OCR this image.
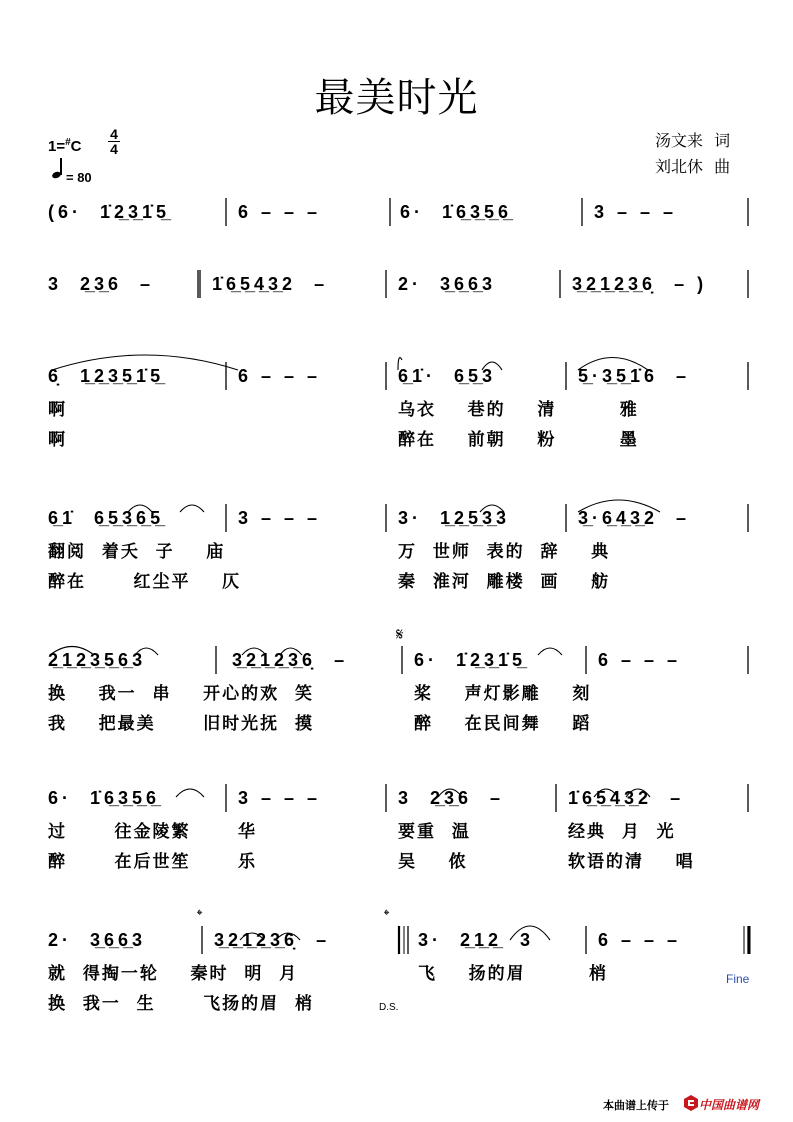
最美时光
1=#C
4
4
= 80
汤文来 词
刘北休 曲
(6·  1̇2̲3̲1̇5̲	6 – – –	6·  1̇6̲3̲5̲6̲	3 – – –
3  2̲3̲6  –	1̇6̲5̲4̲3̲2  –	2·  3̲6̲6̲3	3̲2̲1̲2̲3̲6̣  – )
6̣  1̲2̲3̲5̲1̇5̲	6 – – –	6̲1̇·  6̲5̲3	5̲·3̲5̲1̇6  –
啊	乌衣    巷的    清        雅
啊	醉在    前朝    粉        墨
6̲1̇  6̲5̲3̲6̲5̲	3 – – –	3·  1̲2̲5̲3̲3	3̲·6̲4̲3̲2  –
翻阅  着夭  子    庙	万  世师  表的  辞    典
醉在      红尘平    仄	秦  淮河  雕楼  画    舫
2̲1̲2̲3̲5̲6̲3	3̲2̲1̲2̲3̲6̣  –	6·  1̇2̲3̲1̇5̲	6 – – –
换    我一  串    开心的欢  笑	桨    声灯影雕    刻
我    把最美      旧时光抚  摸	醉    在民间舞    蹈
6·  1̇6̲3̲5̲6̲	3 – – –	3  2̲3̲6  –	1̇6̲5̲4̲3̲2  –
过      往金陵繁      华	要重  温	经典  月  光
醉      在后世笙      乐	吴    侬	软语的清    唱
2·  3̲6̲6̲3	3̲2̲1̲2̲3̲6̣  –	3·  2̲1̲2̲  3	6 – – –
就  得掏一轮    秦时  明  月	飞    扬的眉        梢
换  我一  生      飞扬的眉  梢
𝄋
𝄌	𝄌
D.S.
Fine
本曲谱上传于	中国曲谱网
